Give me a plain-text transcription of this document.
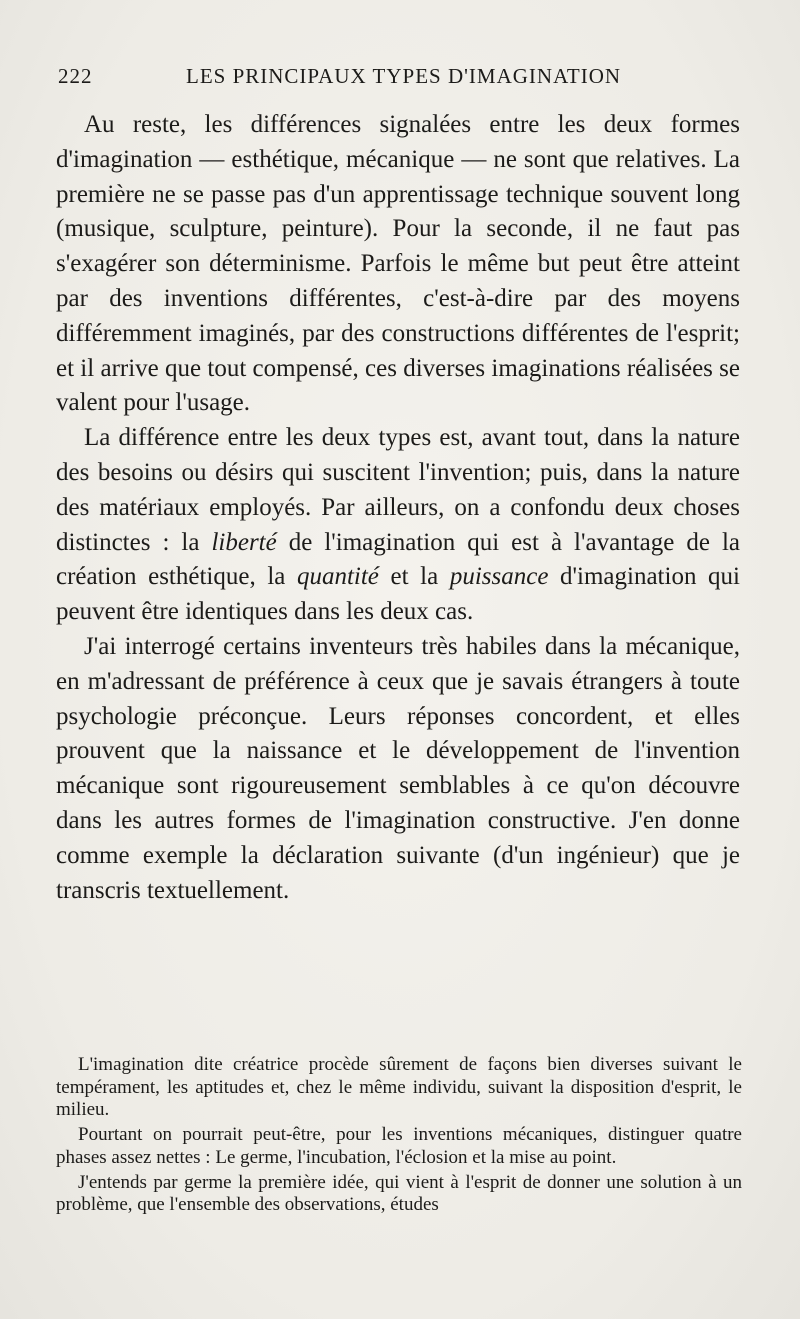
222	LES PRINCIPAUX TYPES D'IMAGINATION

Au reste, les différences signalées entre les deux formes d'imagination — esthétique, mécanique — ne sont que relatives. La première ne se passe pas d'un apprentissage technique souvent long (musique, sculpture, peinture). Pour la seconde, il ne faut pas s'exagérer son déterminisme. Parfois le même but peut être atteint par des inventions différentes, c'est-à-dire par des moyens différemment imaginés, par des constructions différentes de l'esprit; et il arrive que tout compensé, ces diverses imaginations réalisées se valent pour l'usage.

La différence entre les deux types est, avant tout, dans la nature des besoins ou désirs qui suscitent l'invention; puis, dans la nature des matériaux employés. Par ailleurs, on a confondu deux choses distinctes : la liberté de l'imagination qui est à l'avantage de la création esthétique, la quantité et la puissance d'imagination qui peuvent être identiques dans les deux cas.

J'ai interrogé certains inventeurs très habiles dans la mécanique, en m'adressant de préférence à ceux que je savais étrangers à toute psychologie préconçue. Leurs réponses concordent, et elles prouvent que la naissance et le développement de l'invention mécanique sont rigoureusement semblables à ce qu'on découvre dans les autres formes de l'imagination constructive. J'en donne comme exemple la déclaration suivante (d'un ingénieur) que je transcris textuellement.

L'imagination dite créatrice procède sûrement de façons bien diverses suivant le tempérament, les aptitudes et, chez le même individu, suivant la disposition d'esprit, le milieu.

Pourtant on pourrait peut-être, pour les inventions mécaniques, distinguer quatre phases assez nettes : Le germe, l'incubation, l'éclosion et la mise au point.

J'entends par germe la première idée, qui vient à l'esprit de donner une solution à un problème, que l'ensemble des observations, études
